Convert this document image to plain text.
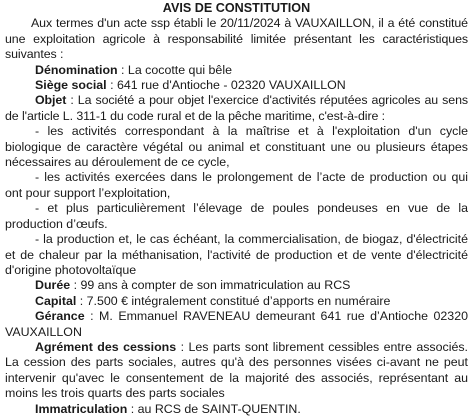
AVIS DE CONSTITUTION

Aux termes d'un acte ssp établi le 20/11/2024 à VAUXAILLON, il a été constitué une exploitation agricole à responsabilité limitée présentant les caractéristiques suivantes :

Dénomination : La cocotte qui bêle

Siège social : 641 rue d'Antioche - 02320 VAUXAILLON

Objet : La société a pour objet l'exercice d'activités réputées agricoles au sens de l'article L. 311-1 du code rural et de la pêche maritime, c'est-à-dire :

- les activités correspondant à la maîtrise et à l'exploitation d'un cycle biologique de caractère végétal ou animal et constituant une ou plusieurs étapes nécessaires au déroulement de ce cycle,

- les activités exercées dans le prolongement de l’acte de production ou qui ont pour support l’exploitation,

- et plus particulièrement l’élevage de poules pondeuses en vue de la production d’œufs.

- la production et, le cas échéant, la commercialisation, de biogaz, d'électricité et de chaleur par la méthanisation, l'activité de production et de vente d'électricité d'origine photovoltaïque

Durée : 99 ans à compter de son immatriculation au RCS

Capital : 7.500 € intégralement constitué d’apports en numéraire

Gérance : M. Emmanuel RAVENEAU demeurant 641 rue d’Antioche 02320 VAUXAILLON

Agrément des cessions : Les parts sont librement cessibles entre associés. La cession des parts sociales, autres qu'à des personnes visées ci-avant ne peut intervenir qu'avec le consentement de la majorité des associés, représentant au moins les trois quarts des parts sociales

Immatriculation : au RCS de SAINT-QUENTIN.
